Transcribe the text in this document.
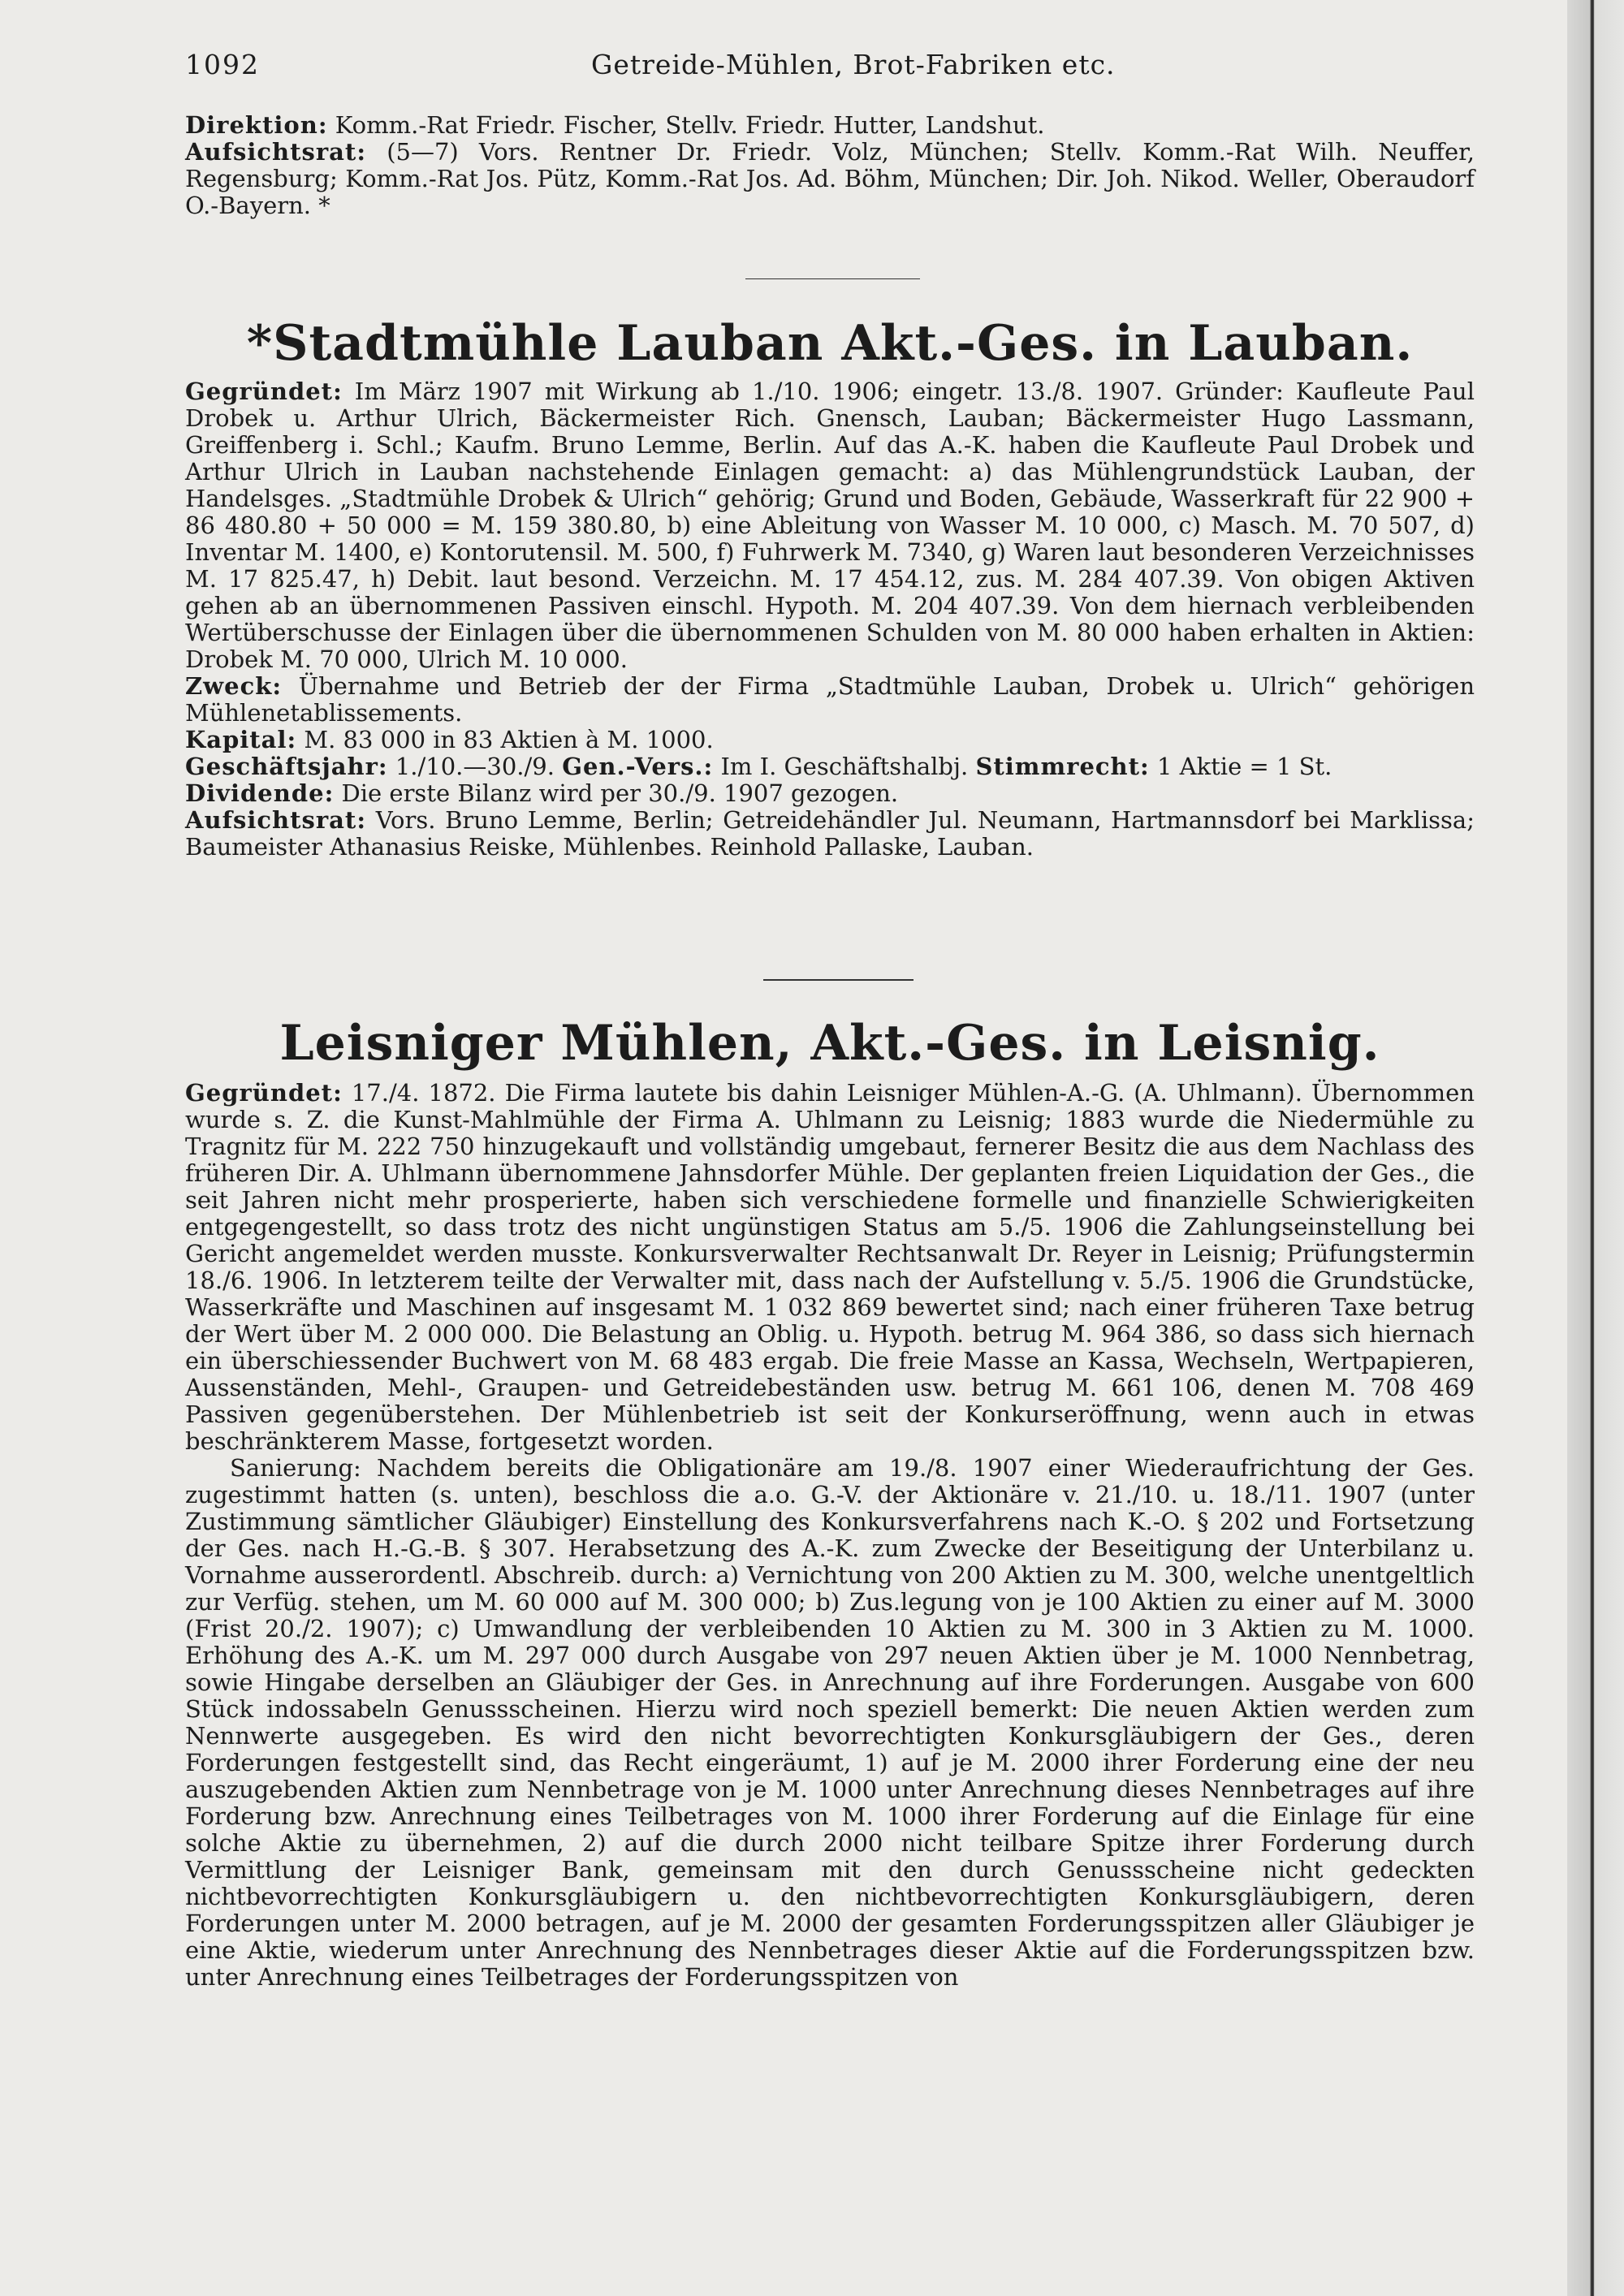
1092	Getreide-Mühlen, Brot-Fabriken etc.

Direktion: Komm.-Rat Friedr. Fischer, Stellv. Friedr. Hutter, Landshut.

Aufsichtsrat: (5—7) Vors. Rentner Dr. Friedr. Volz, München; Stellv. Komm.-Rat Wilh. Neuffer, Regensburg; Komm.-Rat Jos. Pütz, Komm.-Rat Jos. Ad. Böhm, München; Dir. Joh. Nikod. Weller, Oberaudorf O.-Bayern. *

*Stadtmühle Lauban Akt.-Ges. in Lauban.

Gegründet: Im März 1907 mit Wirkung ab 1./10. 1906; eingetr. 13./8. 1907. Gründer: Kaufleute Paul Drobek u. Arthur Ulrich, Bäckermeister Rich. Gnensch, Lauban; Bäckermeister Hugo Lassmann, Greiffenberg i. Schl.; Kaufm. Bruno Lemme, Berlin. Auf das A.-K. haben die Kaufleute Paul Drobek und Arthur Ulrich in Lauban nachstehende Einlagen gemacht: a) das Mühlengrundstück Lauban, der Handelsges. „Stadtmühle Drobek & Ulrich“ gehörig; Grund und Boden, Gebäude, Wasserkraft für 22 900 + 86 480.80 + 50 000 = M. 159 380.80, b) eine Ableitung von Wasser M. 10 000, c) Masch. M. 70 507, d) Inventar M. 1400, e) Kontorutensil. M. 500, f) Fuhrwerk M. 7340, g) Waren laut besonderen Verzeichnisses M. 17 825.47, h) Debit. laut besond. Verzeichn. M. 17 454.12, zus. M. 284 407.39. Von obigen Aktiven gehen ab an übernommenen Passiven einschl. Hypoth. M. 204 407.39. Von dem hiernach verbleibenden Wertüberschusse der Einlagen über die übernommenen Schulden von M. 80 000 haben erhalten in Aktien: Drobek M. 70 000, Ulrich M. 10 000.

Zweck: Übernahme und Betrieb der der Firma „Stadtmühle Lauban, Drobek u. Ulrich“ gehörigen Mühlenetablissements.

Kapital: M. 83 000 in 83 Aktien à M. 1000.

Geschäftsjahr: 1./10.—30./9. Gen.-Vers.: Im I. Geschäftshalbj. Stimmrecht: 1 Aktie = 1 St.

Dividende: Die erste Bilanz wird per 30./9. 1907 gezogen.

Aufsichtsrat: Vors. Bruno Lemme, Berlin; Getreidehändler Jul. Neumann, Hartmannsdorf bei Marklissa; Baumeister Athanasius Reiske, Mühlenbes. Reinhold Pallaske, Lauban.

Leisniger Mühlen, Akt.-Ges. in Leisnig.

Gegründet: 17./4. 1872. Die Firma lautete bis dahin Leisniger Mühlen-A.-G. (A. Uhlmann). Übernommen wurde s. Z. die Kunst-Mahlmühle der Firma A. Uhlmann zu Leisnig; 1883 wurde die Niedermühle zu Tragnitz für M. 222 750 hinzugekauft und vollständig umgebaut, fernerer Besitz die aus dem Nachlass des früheren Dir. A. Uhlmann übernommene Jahnsdorfer Mühle. Der geplanten freien Liquidation der Ges., die seit Jahren nicht mehr prosperierte, haben sich verschiedene formelle und finanzielle Schwierigkeiten entgegengestellt, so dass trotz des nicht ungünstigen Status am 5./5. 1906 die Zahlungseinstellung bei Gericht angemeldet werden musste. Konkursverwalter Rechtsanwalt Dr. Reyer in Leisnig; Prüfungstermin 18./6. 1906. In letzterem teilte der Verwalter mit, dass nach der Aufstellung v. 5./5. 1906 die Grundstücke, Wasserkräfte und Maschinen auf insgesamt M. 1 032 869 bewertet sind; nach einer früheren Taxe betrug der Wert über M. 2 000 000. Die Belastung an Oblig. u. Hypoth. betrug M. 964 386, so dass sich hiernach ein überschiessender Buchwert von M. 68 483 ergab. Die freie Masse an Kassa, Wechseln, Wertpapieren, Aussenständen, Mehl-, Graupen- und Getreidebeständen usw. betrug M. 661 106, denen M. 708 469 Passiven gegenüberstehen. Der Mühlenbetrieb ist seit der Konkurseröffnung, wenn auch in etwas beschränkterem Masse, fortgesetzt worden.

Sanierung: Nachdem bereits die Obligationäre am 19./8. 1907 einer Wiederaufrichtung der Ges. zugestimmt hatten (s. unten), beschloss die a.o. G.-V. der Aktionäre v. 21./10. u. 18./11. 1907 (unter Zustimmung sämtlicher Gläubiger) Einstellung des Konkursverfahrens nach K.-O. § 202 und Fortsetzung der Ges. nach H.-G.-B. § 307. Herabsetzung des A.-K. zum Zwecke der Beseitigung der Unterbilanz u. Vornahme ausserordentl. Abschreib. durch: a) Vernichtung von 200 Aktien zu M. 300, welche unentgeltlich zur Verfüg. stehen, um M. 60 000 auf M. 300 000; b) Zus.legung von je 100 Aktien zu einer auf M. 3000 (Frist 20./2. 1907); c) Umwandlung der verbleibenden 10 Aktien zu M. 300 in 3 Aktien zu M. 1000. Erhöhung des A.-K. um M. 297 000 durch Ausgabe von 297 neuen Aktien über je M. 1000 Nennbetrag, sowie Hingabe derselben an Gläubiger der Ges. in Anrechnung auf ihre Forderungen. Ausgabe von 600 Stück indossabeln Genussscheinen. Hierzu wird noch speziell bemerkt: Die neuen Aktien werden zum Nennwerte ausgegeben. Es wird den nicht bevorrechtigten Konkursgläubigern der Ges., deren Forderungen festgestellt sind, das Recht eingeräumt, 1) auf je M. 2000 ihrer Forderung eine der neu auszugebenden Aktien zum Nennbetrage von je M. 1000 unter Anrechnung dieses Nennbetrages auf ihre Forderung bzw. Anrechnung eines Teilbetrages von M. 1000 ihrer Forderung auf die Einlage für eine solche Aktie zu übernehmen, 2) auf die durch 2000 nicht teilbare Spitze ihrer Forderung durch Vermittlung der Leisniger Bank, gemeinsam mit den durch Genussscheine nicht gedeckten nichtbevorrechtigten Konkursgläubigern u. den nichtbevorrechtigten Konkursgläubigern, deren Forderungen unter M. 2000 betragen, auf je M. 2000 der gesamten Forderungsspitzen aller Gläubiger je eine Aktie, wiederum unter Anrechnung des Nennbetrages dieser Aktie auf die Forderungsspitzen bzw. unter Anrechnung eines Teilbetrages der Forderungsspitzen von
